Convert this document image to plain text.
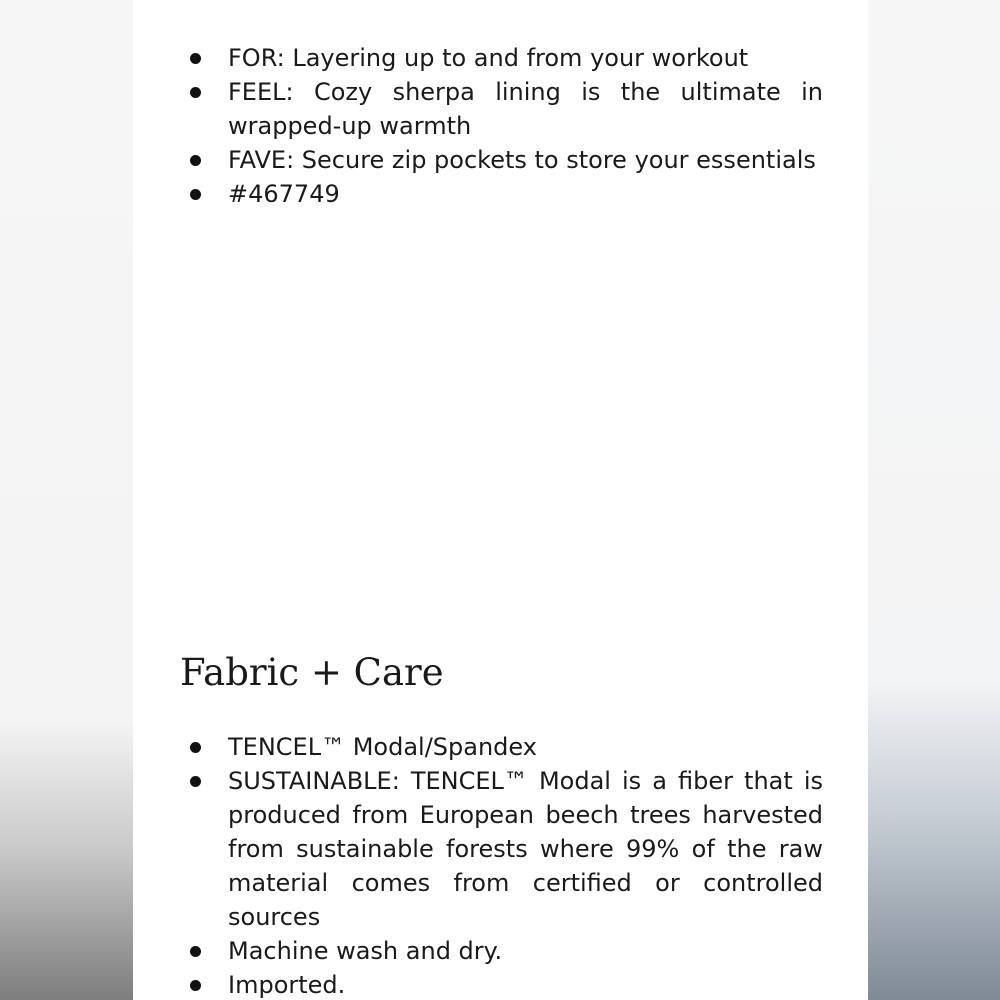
FOR: Layering up to and from your workout
FEEL: Cozy sherpa lining is the ultimate in wrapped-up warmth
FAVE: Secure zip pockets to store your essentials
#467749
Fabric + Care
TENCEL™ Modal/Spandex
SUSTAINABLE: TENCEL™ Modal is a fiber that is produced from European beech trees harvested from sustainable forests where 99% of the raw material comes from certified or controlled sources
Machine wash and dry.
Imported.
